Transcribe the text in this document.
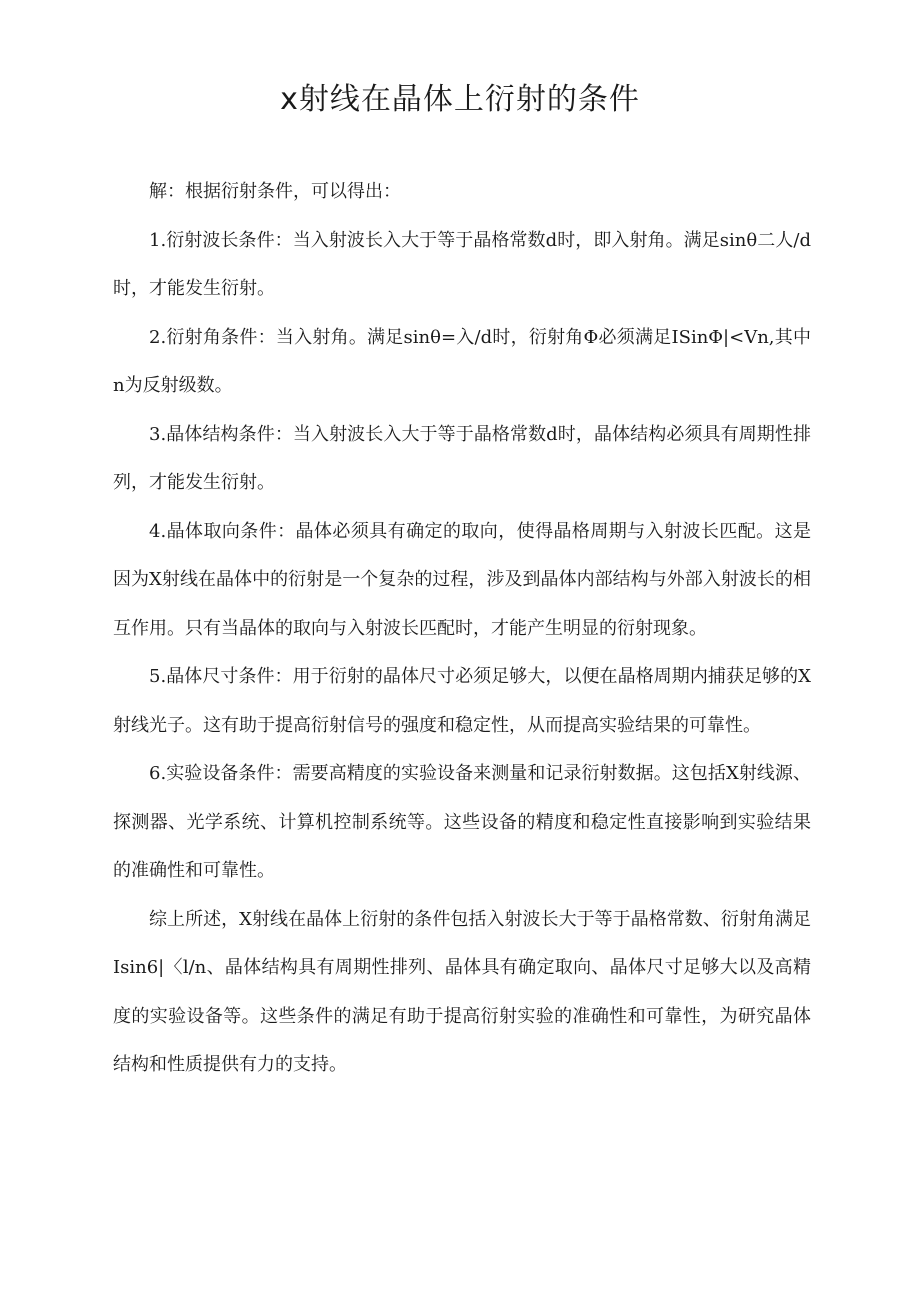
x射线在晶体上衍射的条件

解：根据衍射条件，可以得出：

1.衍射波长条件：当入射波长入大于等于晶格常数d时，即入射角。满足sinθ二人/d时，才能发生衍射。

2.衍射角条件：当入射角。满足sinθ=入/d时，衍射角Φ必须满足ISinΦ|<Vn,其中n为反射级数。

3.晶体结构条件：当入射波长入大于等于晶格常数d时，晶体结构必须具有周期性排列，才能发生衍射。

4.晶体取向条件：晶体必须具有确定的取向，使得晶格周期与入射波长匹配。这是因为X射线在晶体中的衍射是一个复杂的过程，涉及到晶体内部结构与外部入射波长的相互作用。只有当晶体的取向与入射波长匹配时，才能产生明显的衍射现象。

5.晶体尺寸条件：用于衍射的晶体尺寸必须足够大，以便在晶格周期内捕获足够的X射线光子。这有助于提高衍射信号的强度和稳定性，从而提高实验结果的可靠性。

6.实验设备条件：需要高精度的实验设备来测量和记录衍射数据。这包括X射线源、探测器、光学系统、计算机控制系统等。这些设备的精度和稳定性直接影响到实验结果的准确性和可靠性。

综上所述，X射线在晶体上衍射的条件包括入射波长大于等于晶格常数、衍射角满足Isin6|〈l/n、晶体结构具有周期性排列、晶体具有确定取向、晶体尺寸足够大以及高精度的实验设备等。这些条件的满足有助于提高衍射实验的准确性和可靠性，为研究晶体结构和性质提供有力的支持。
